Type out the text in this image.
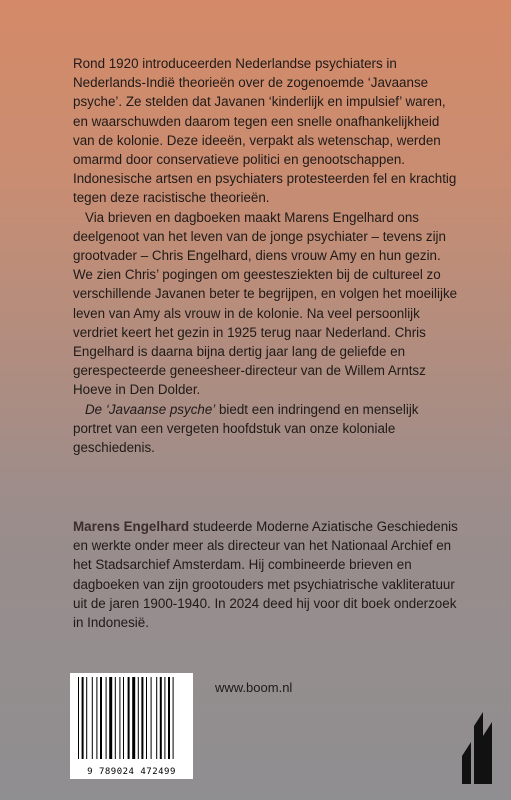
Rond 1920 introduceerden Nederlandse psychiaters in Nederlands-Indië theorieën over de zogenoemde ‘Javaanse psyche’. Ze stelden dat Javanen ‘kinderlijk en impulsief’ waren, en waarschuwden daarom tegen een snelle onafhankelijkheid van de kolonie. Deze ideeën, verpakt als wetenschap, werden omarmd door conservatieve politici en genootschappen. Indonesische artsen en psychiaters protesteerden fel en krachtig tegen deze racistische theorieën.

Via brieven en dagboeken maakt Marens Engelhard ons deelgenoot van het leven van de jonge psychiater – tevens zijn grootvader – Chris Engelhard, diens vrouw Amy en hun gezin. We zien Chris’ pogingen om geestesziekten bij de cultureel zo verschillende Javanen beter te begrijpen, en volgen het moeilijke leven van Amy als vrouw in de kolonie. Na veel persoonlijk verdriet keert het gezin in 1925 terug naar Nederland. Chris Engelhard is daarna bijna dertig jaar lang de geliefde en gerespecteerde geneesheer-directeur van de Willem Arntsz Hoeve in Den Dolder.

De ‘Javaanse psyche’ biedt een indringend en menselijk portret van een vergeten hoofdstuk van onze koloniale geschiedenis.

Marens Engelhard studeerde Moderne Aziatische Geschiedenis en werkte onder meer als directeur van het Nationaal Archief en het Stadsarchief Amsterdam. Hij combineerde brieven en dagboeken van zijn grootouders met psychiatrische vakliteratuur uit de jaren 1900-1940. In 2024 deed hij voor dit boek onderzoek in Indonesië.
9 789024 472499
www.boom.nl
